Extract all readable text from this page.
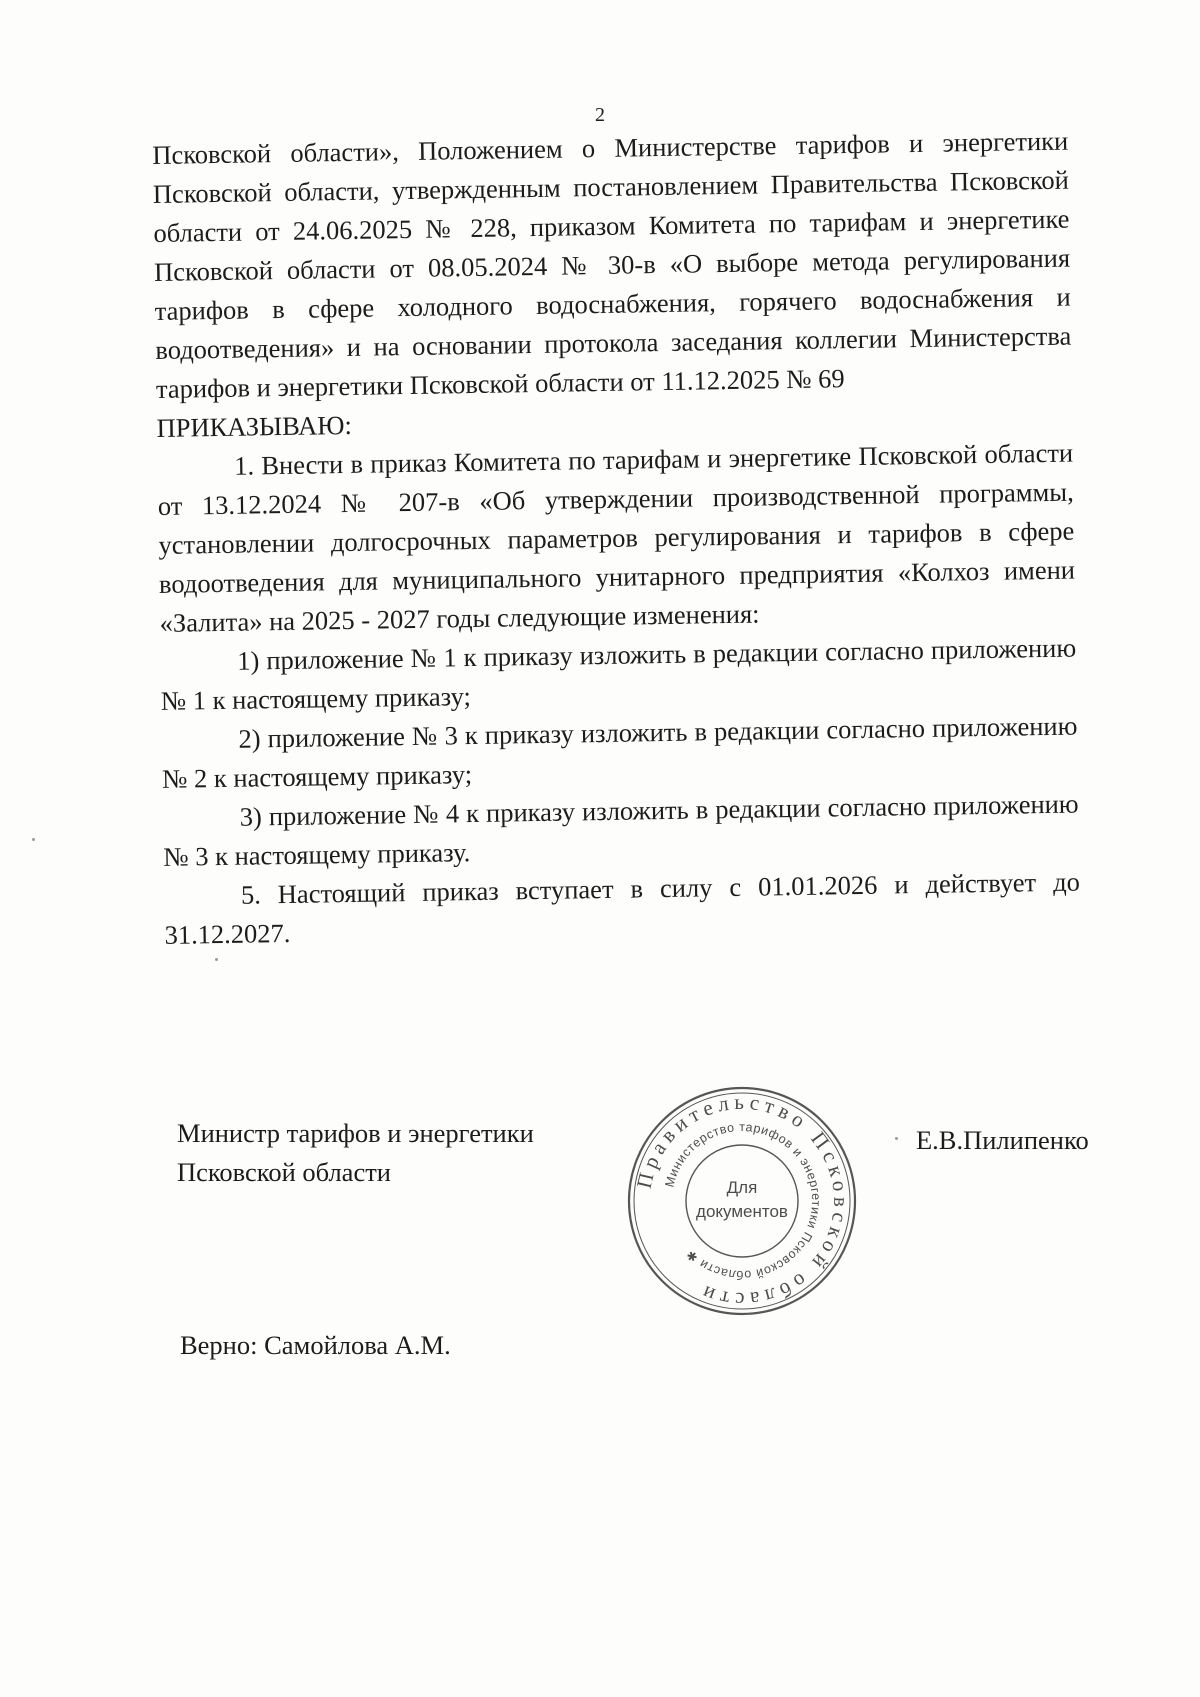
2

Псковской области», Положением о Министерстве тарифов и энергетики Псковской области, утвержденным постановлением Правительства Псковской области от 24.06.2025 № 228, приказом Комитета по тарифам и энергетике Псковской области от 08.05.2024 № 30-в «О выборе метода регулирования тарифов в сфере холодного водоснабжения, горячего водоснабжения и водоотведения» и на основании протокола заседания коллегии Министерства тарифов и энергетики Псковской области от 11.12.2025 № 69

ПРИКАЗЫВАЮ:

1. Внести в приказ Комитета по тарифам и энергетике Псковской области от 13.12.2024 № 207-в «Об утверждении производственной программы, установлении долгосрочных параметров регулирования и тарифов в сфере водоотведения для муниципального унитарного предприятия «Колхоз имени «Залита» на 2025 - 2027 годы следующие изменения:

1) приложение № 1 к приказу изложить в редакции согласно приложению № 1 к настоящему приказу;

2) приложение № 3 к приказу изложить в редакции согласно приложению № 2 к настоящему приказу;

3) приложение № 4 к приказу изложить в редакции согласно приложению № 3 к настоящему приказу.

5. Настоящий приказ вступает в силу с 01.01.2026 и действует до 31.12.2027.

Министр тарифов и энергетики
Псковской области
Е.В.Пилипенко
Верно: Самойлова А.М.
Правительство Псковской области
Министерство тарифов и энергетики Псковской области ✱
Для
документов
